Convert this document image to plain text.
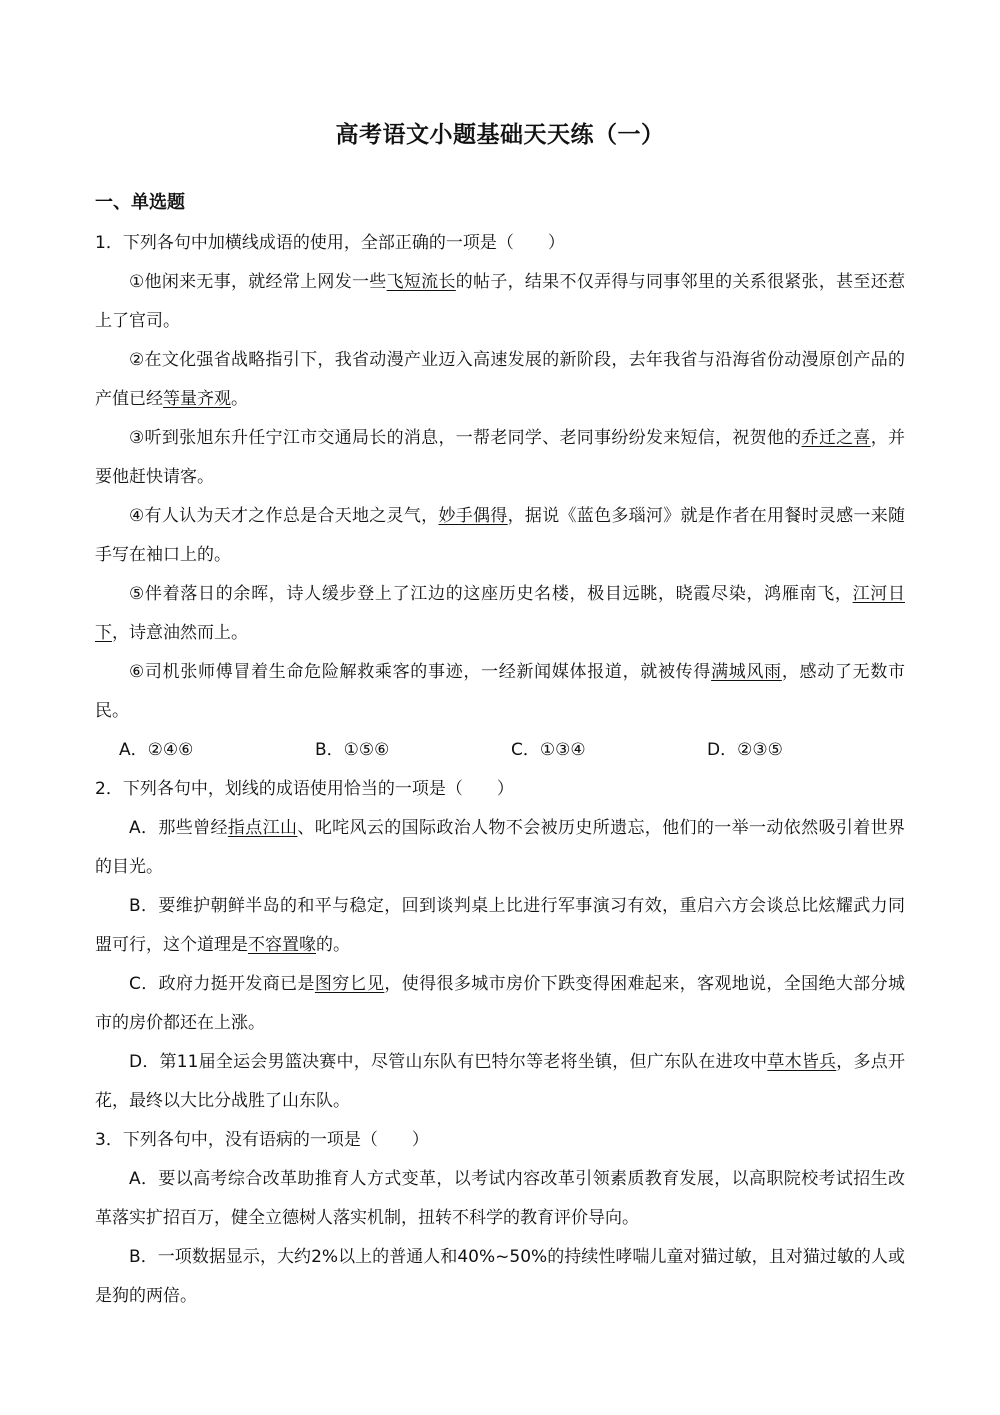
高考语文小题基础天天练（一）
一、单选题

1．下列各句中加横线成语的使用，全部正确的一项是（　　）

①他闲来无事，就经常上网发一些飞短流长的帖子，结果不仅弄得与同事邻里的关系很紧张，甚至还惹上了官司。

②在文化强省战略指引下，我省动漫产业迈入高速发展的新阶段，去年我省与沿海省份动漫原创产品的产值已经等量齐观。

③听到张旭东升任宁江市交通局长的消息，一帮老同学、老同事纷纷发来短信，祝贺他的乔迁之喜，并要他赶快请客。

④有人认为天才之作总是合天地之灵气，妙手偶得，据说《蓝色多瑙河》就是作者在用餐时灵感一来随手写在袖口上的。

⑤伴着落日的余晖，诗人缓步登上了江边的这座历史名楼，极目远眺，晓霞尽染，鸿雁南飞，江河日下，诗意油然而上。

⑥司机张师傅冒着生命危险解救乘客的事迹，一经新闻媒体报道，就被传得满城风雨，感动了无数市民。

A．②④⑥	B．①⑤⑥	C．①③④	D．②③⑤

2．下列各句中，划线的成语使用恰当的一项是（　　）

A．那些曾经指点江山、叱咤风云的国际政治人物不会被历史所遗忘，他们的一举一动依然吸引着世界的目光。

B．要维护朝鲜半岛的和平与稳定，回到谈判桌上比进行军事演习有效，重启六方会谈总比炫耀武力同盟可行，这个道理是不容置喙的。

C．政府力挺开发商已是图穷匕见，使得很多城市房价下跌变得困难起来，客观地说，全国绝大部分城市的房价都还在上涨。

D．第11届全运会男篮决赛中，尽管山东队有巴特尔等老将坐镇，但广东队在进攻中草木皆兵，多点开花，最终以大比分战胜了山东队。

3．下列各句中，没有语病的一项是（　　）

A．要以高考综合改革助推育人方式变革，以考试内容改革引领素质教育发展，以高职院校考试招生改革落实扩招百万，健全立德树人落实机制，扭转不科学的教育评价导向。

B．一项数据显示，大约2%以上的普通人和40%~50%的持续性哮喘儿童对猫过敏，且对猫过敏的人或是狗的两倍。
